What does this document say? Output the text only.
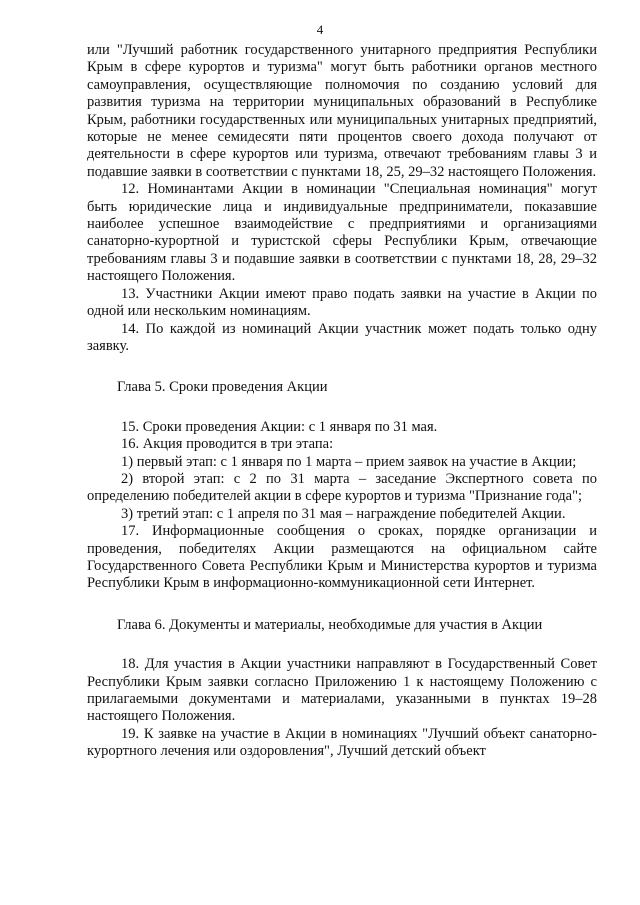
4

или "Лучший работник государственного унитарного предприятия Республики Крым в сфере курортов и туризма" могут быть работники органов местного самоуправления, осуществляющие полномочия по созданию условий для развития туризма на территории муниципальных образований в Республике Крым, работники государственных или муниципальных унитарных предприятий, которые не менее семидесяти пяти процентов своего дохода получают от деятельности в сфере курортов или туризма, отвечают требованиям главы 3 и подавшие заявки в соответствии с пунктами 18, 25, 29–32 настоящего Положения.

12. Номинантами Акции в номинации "Специальная номинация" могут быть юридические лица и индивидуальные предприниматели, показавшие наиболее успешное взаимодействие с предприятиями и организациями санаторно-курортной и туристской сферы Республики Крым, отвечающие требованиям главы 3 и подавшие заявки в соответствии с пунктами 18, 28, 29–32 настоящего Положения.

13. Участники Акции имеют право подать заявки на участие в Акции по одной или нескольким номинациям.

14. По каждой из номинаций Акции участник может подать только одну заявку.

Глава 5. Сроки проведения Акции

15. Сроки проведения Акции: с 1 января по 31 мая.

16. Акция проводится в три этапа:

1) первый этап: с 1 января по 1 марта – прием заявок на участие в Акции;

2) второй этап: с 2 по 31 марта – заседание Экспертного совета по определению победителей акции в сфере курортов и туризма "Признание года";

3) третий этап: с 1 апреля по 31 мая – награждение победителей Акции.

17. Информационные сообщения о сроках, порядке организации и проведения, победителях Акции размещаются на официальном сайте Государственного Совета Республики Крым и Министерства курортов и туризма Республики Крым в информационно-коммуникационной сети Интернет.

Глава 6. Документы и материалы, необходимые для участия в Акции

18. Для участия в Акции участники направляют в Государственный Совет Республики Крым заявки согласно Приложению 1 к настоящему Положению с прилагаемыми документами и материалами, указанными в пунктах 19–28 настоящего Положения.

19. К заявке на участие в Акции в номинациях "Лучший объект санаторно-курортного лечения или оздоровления", Лучший детский объект
